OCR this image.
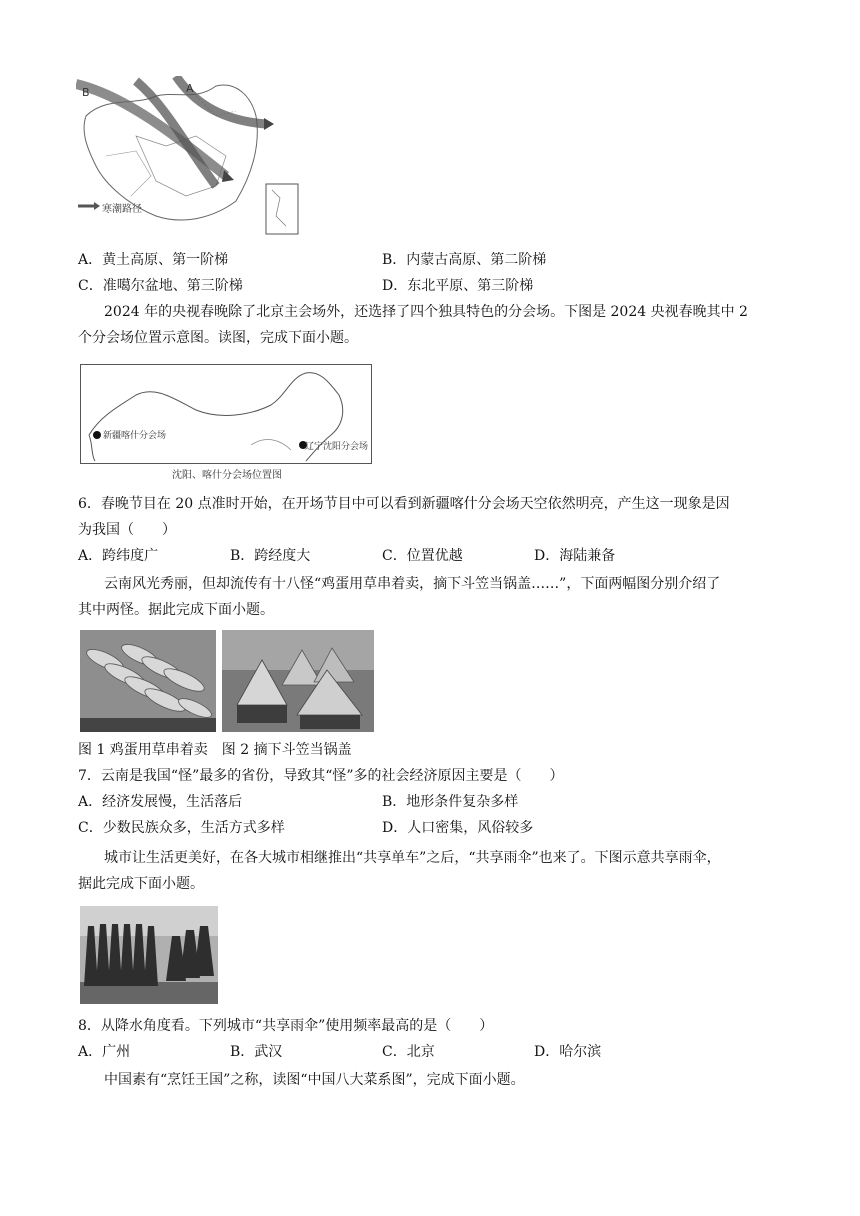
B	A
寒潮路径
A．黄土高原、第一阶梯	B．内蒙古高原、第二阶梯
C．准噶尔盆地、第三阶梯	D．东北平原、第三阶梯
2024 年的央视春晚除了北京主会场外，还选择了四个独具特色的分会场。下图是 2024 央视春晚其中 2
个分会场位置示意图。读图，完成下面小题。
新疆喀什分会场
辽宁沈阳分会场
沈阳、喀什分会场位置图
6．春晚节目在 20 点准时开始，在开场节目中可以看到新疆喀什分会场天空依然明亮，产生这一现象是因
为我国（　　）
A．跨纬度广	B．跨经度大	C．位置优越	D．海陆兼备
云南风光秀丽，但却流传有十八怪“鸡蛋用草串着卖，摘下斗笠当锅盖……”，下面两幅图分别介绍了
其中两怪。据此完成下面小题。
图 1 鸡蛋用草串着卖　图 2 摘下斗笠当锅盖
7．云南是我国“怪”最多的省份，导致其“怪”多的社会经济原因主要是（　　）
A．经济发展慢，生活落后	B．地形条件复杂多样
C．少数民族众多，生活方式多样	D．人口密集，风俗较多
城市让生活更美好，在各大城市相继推出“共享单车”之后，“共享雨伞”也来了。下图示意共享雨伞，
据此完成下面小题。
8．从降水角度看。下列城市“共享雨伞”使用频率最高的是（　　）
A．广州	B．武汉	C．北京	D．哈尔滨
中国素有“烹饪王国”之称，读图“中国八大菜系图”，完成下面小题。
